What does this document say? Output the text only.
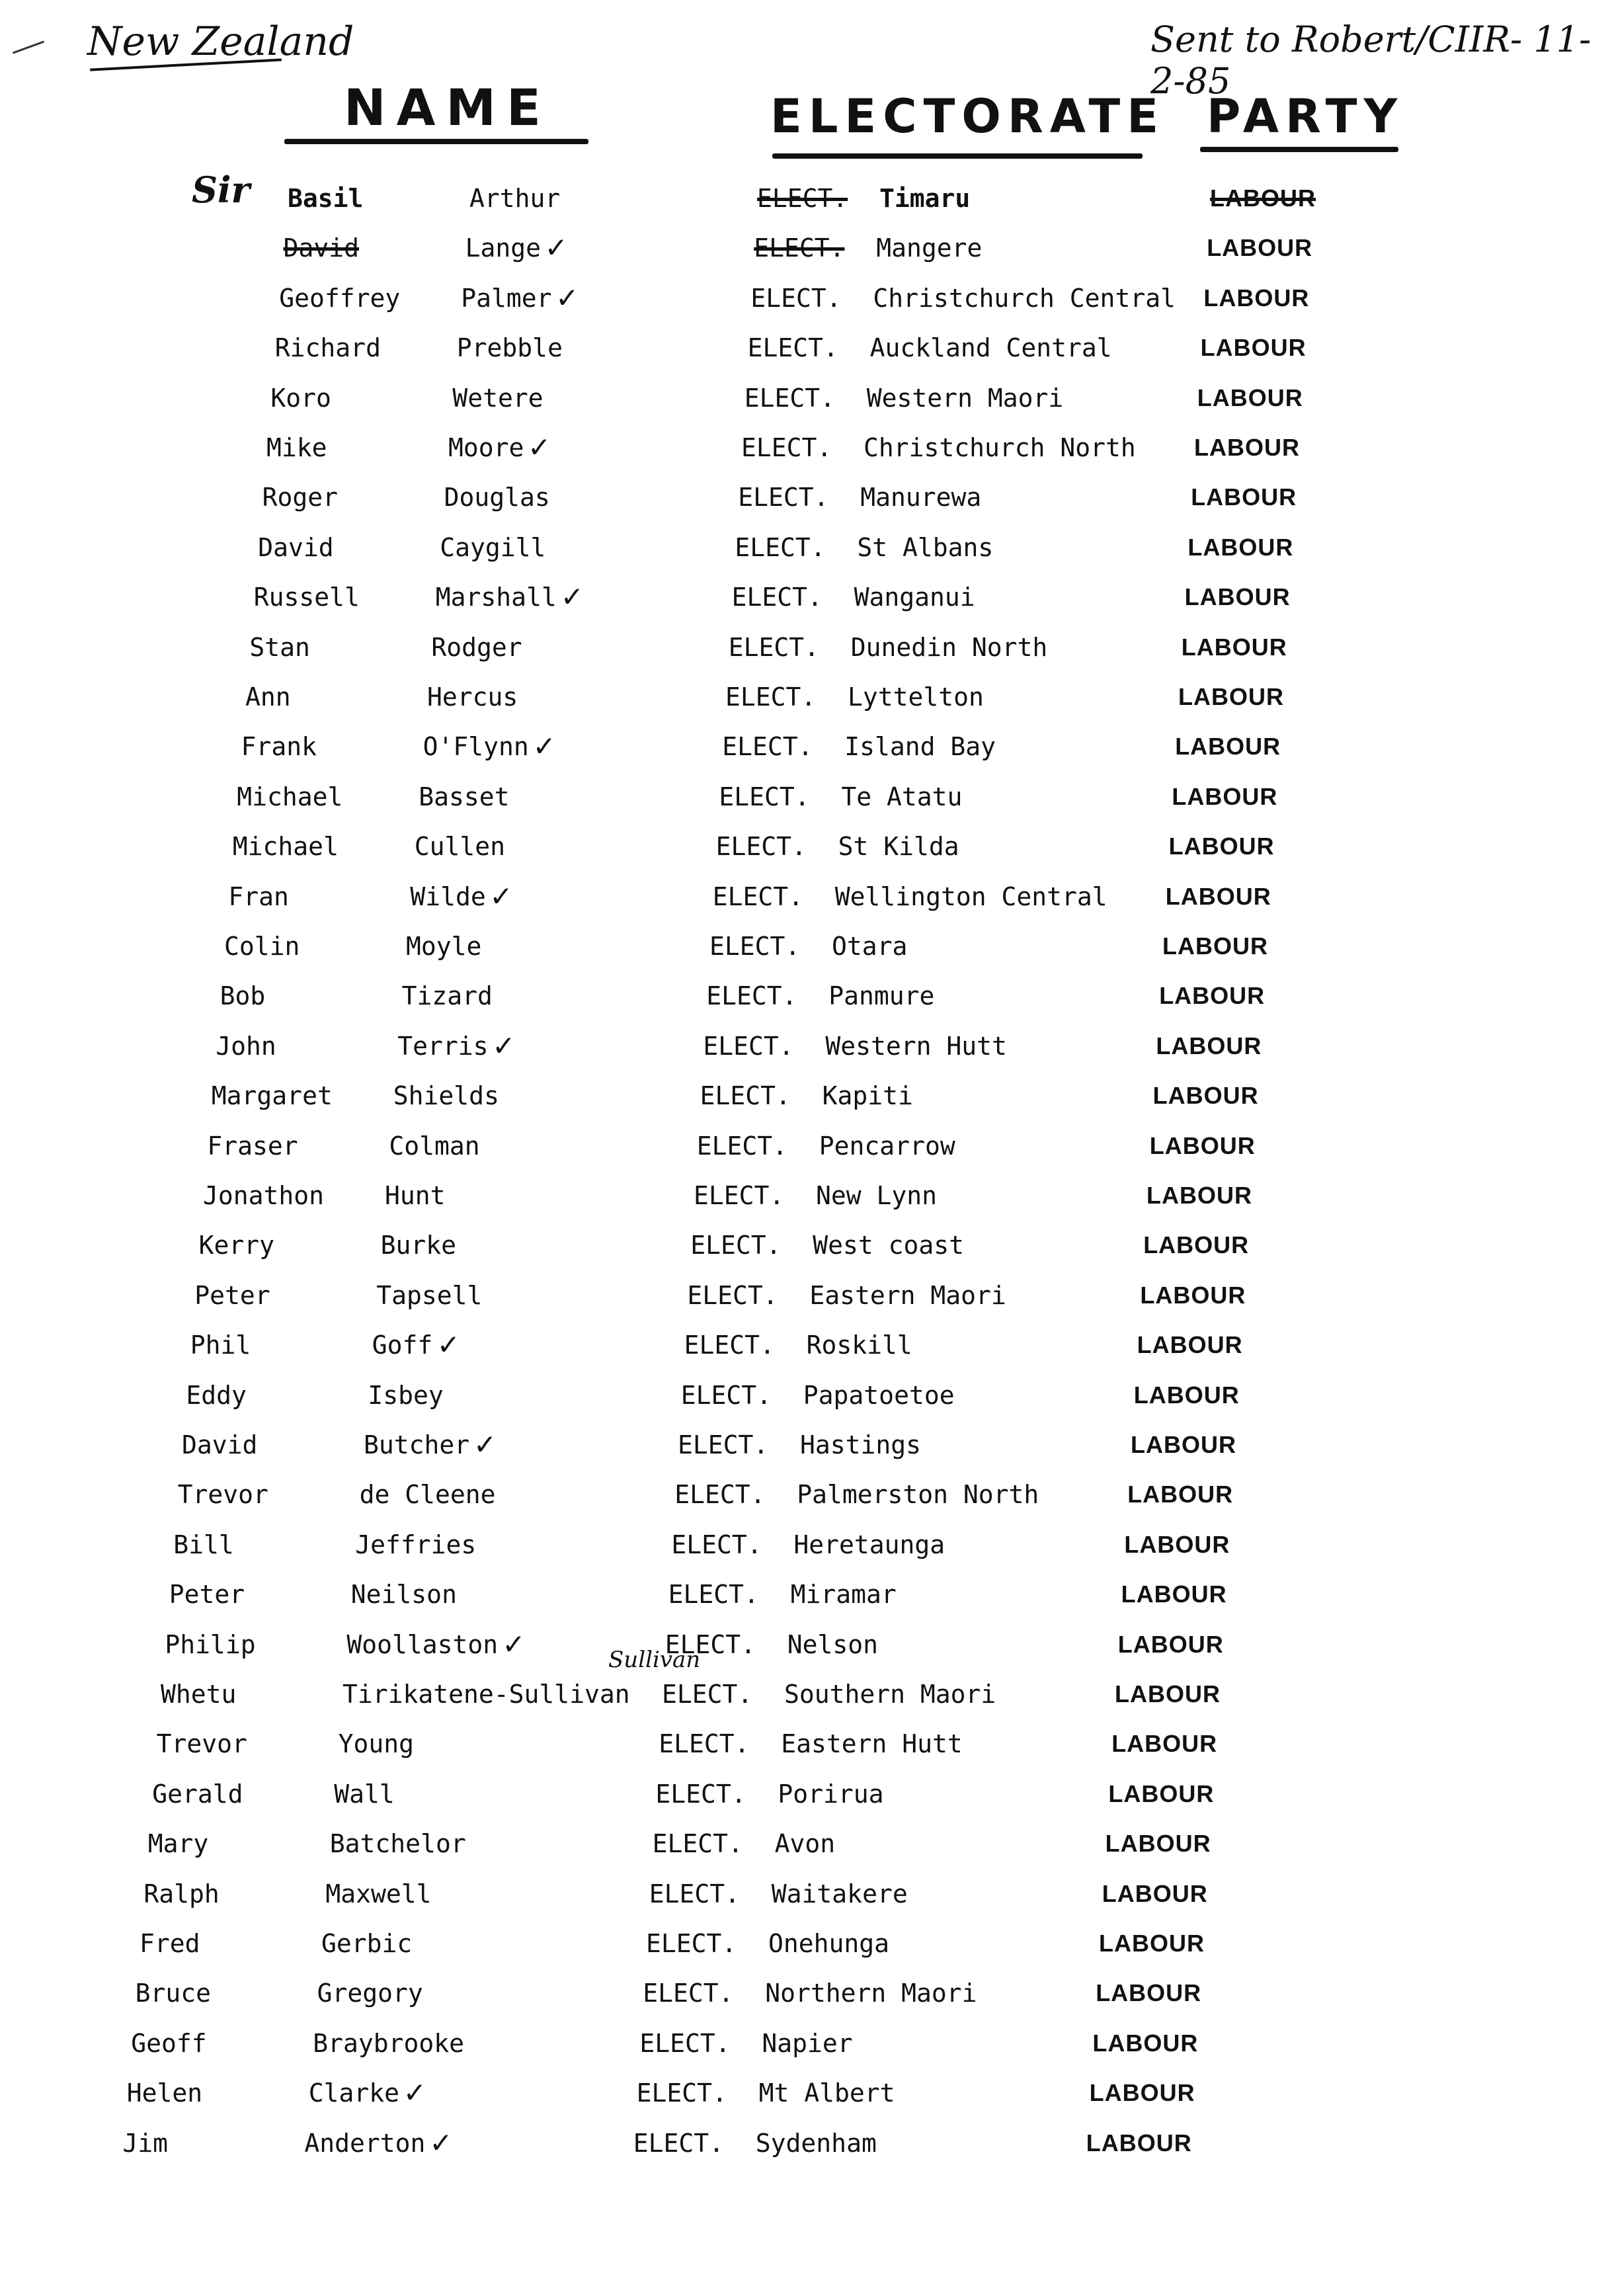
New Zealand	Sent to Robert/CIIR- 11-2-85
NAME	ELECTORATE PARTY
Sir Basil	Arthur	ELECT. Timaru	LABOUR
David	Lange ✓	ELECT. Mangere	LABOUR
Geoffrey Palmer ✓	ELECT. Christchurch Central LABOUR
Richard	Prebble	ELECT. Auckland Central	LABOUR
Koro	Wetere	ELECT. Western Maori	LABOUR
Mike	Moore ✓	ELECT. Christchurch North LABOUR
Roger	Douglas	ELECT. Manurewa	LABOUR
David	Caygill	ELECT. St Albans	LABOUR
Russell	Marshall ✓	ELECT. Wanganui	LABOUR
Stan	Rodger	ELECT. Dunedin North	LABOUR
Ann	Hercus	ELECT. Lyttelton	LABOUR
Frank	O'Flynn ✓	ELECT. Island Bay	LABOUR
Michael	Basset	ELECT. Te Atatu	LABOUR
Michael	Cullen	ELECT. St Kilda	LABOUR
Fran	Wilde ✓	ELECT. Wellington Central LABOUR
Colin	Moyle	ELECT. Otara	LABOUR
Bob	Tizard	ELECT. Panmure	LABOUR
John	Terris ✓	ELECT. Western Hutt	LABOUR
Margaret Shields	ELECT. Kapiti	LABOUR
Fraser	Colman	ELECT. Pencarrow	LABOUR
Jonathon Hunt	ELECT. New Lynn	LABOUR
Kerry	Burke	ELECT. West coast	LABOUR
Peter	Tapsell	ELECT. Eastern Maori	LABOUR
Phil	Goff ✓	ELECT. Roskill	LABOUR
Eddy	Isbey	ELECT. Papatoetoe	LABOUR
David	Butcher ✓	ELECT. Hastings	LABOUR
Trevor	de Cleene	ELECT. Palmerston North	LABOUR
Bill	Jeffries	ELECT. Heretaunga	LABOUR
Peter	Neilson	ELECT. Miramar	LABOUR
Philip	Woollaston ✓	ELECT. Nelson	LABOUR
Whetu	Tirikatene-Sullivan ELECT. Southern Maori	LABOUR
Trevor	Young	ELECT. Eastern Hutt	LABOUR
Gerald	Wall	ELECT. Porirua	LABOUR
Mary	Batchelor	ELECT. Avon	LABOUR
Ralph	Maxwell	ELECT. Waitakere	LABOUR
Fred	Gerbic	ELECT. Onehunga	LABOUR
Bruce	Gregory	ELECT. Northern Maori	LABOUR
Geoff	Braybrooke	ELECT. Napier	LABOUR
Helen	Clarke ✓	ELECT. Mt Albert	LABOUR
Jim	Anderton ✓	ELECT. Sydenham	LABOUR
Sullivan
